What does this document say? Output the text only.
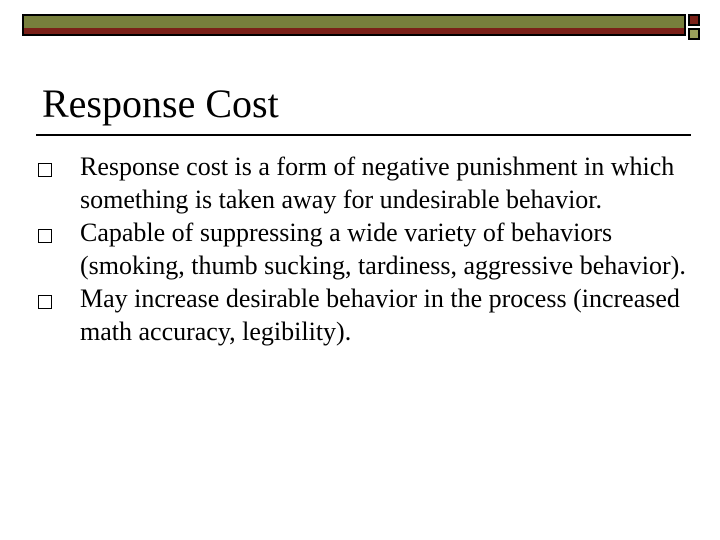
Response Cost
Response cost is a form of negative punishment in which something is taken away for undesirable behavior.
Capable of suppressing a wide variety of behaviors (smoking, thumb sucking, tardiness, aggressive behavior).
May increase desirable behavior in the process (increased math accuracy, legibility).
